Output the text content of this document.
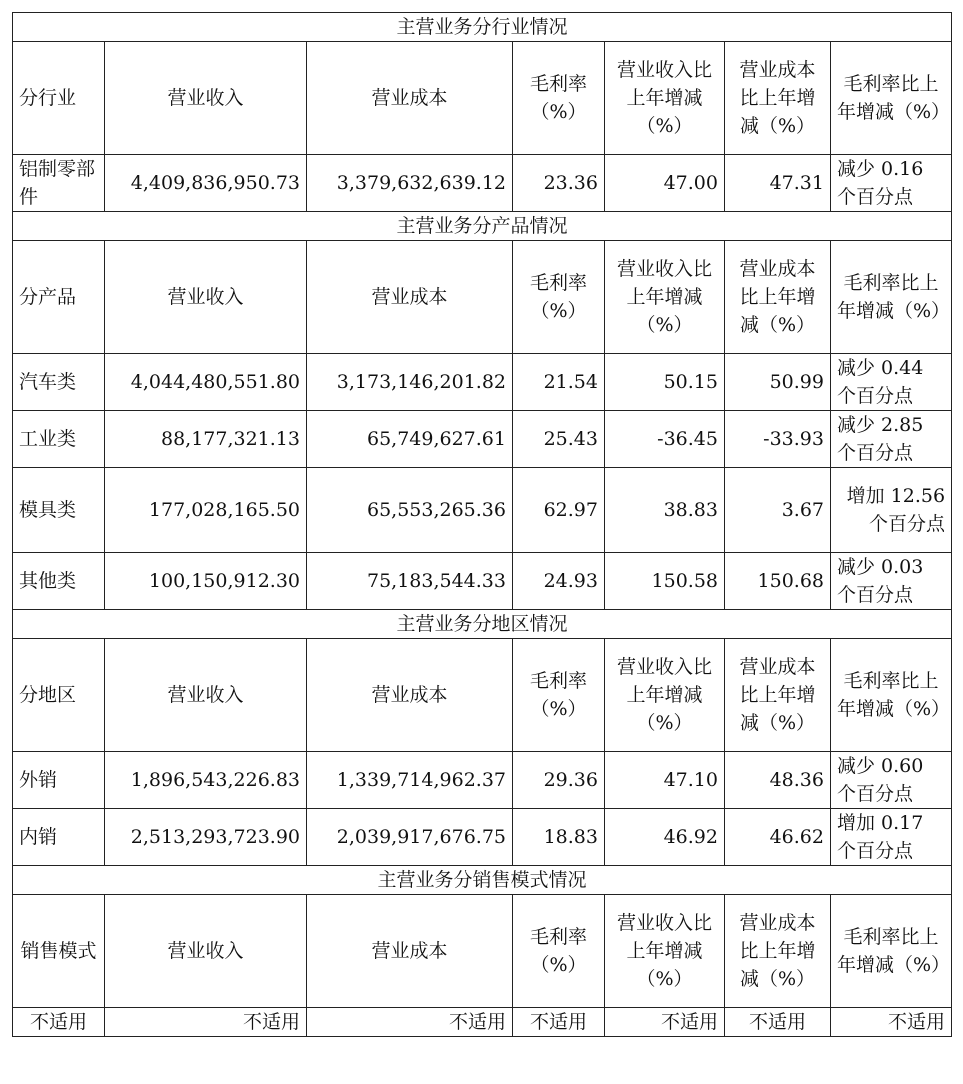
主营业务分行业情况						
分行业	营业收入	营业成本	毛利率（%）	营业收入比上年增减（%）	营业成本比上年增减（%）	毛利率比上年增减（%）
铝制零部件	4,409,836,950.73	3,379,632,639.12	23.36	47.00	47.31	减少 0.16 个百分点
主营业务分产品情况						
分产品	营业收入	营业成本	毛利率（%）	营业收入比上年增减（%）	营业成本比上年增减（%）	毛利率比上年增减（%）
汽车类	4,044,480,551.80	3,173,146,201.82	21.54	50.15	50.99	减少 0.44 个百分点
工业类	88,177,321.13	65,749,627.61	25.43	-36.45	-33.93	减少 2.85 个百分点
模具类	177,028,165.50	65,553,265.36	62.97	38.83	3.67	增加 12.56 个百分点
其他类	100,150,912.30	75,183,544.33	24.93	150.58	150.68	减少 0.03 个百分点
主营业务分地区情况						
分地区	营业收入	营业成本	毛利率（%）	营业收入比上年增减（%）	营业成本比上年增减（%）	毛利率比上年增减（%）
外销	1,896,543,226.83	1,339,714,962.37	29.36	47.10	48.36	减少 0.60 个百分点
内销	2,513,293,723.90	2,039,917,676.75	18.83	46.92	46.62	增加 0.17 个百分点
主营业务分销售模式情况						
销售模式	营业收入	营业成本	毛利率（%）	营业收入比上年增减（%）	营业成本比上年增减（%）	毛利率比上年增减（%）
不适用	不适用	不适用	不适用	不适用	不适用	不适用
